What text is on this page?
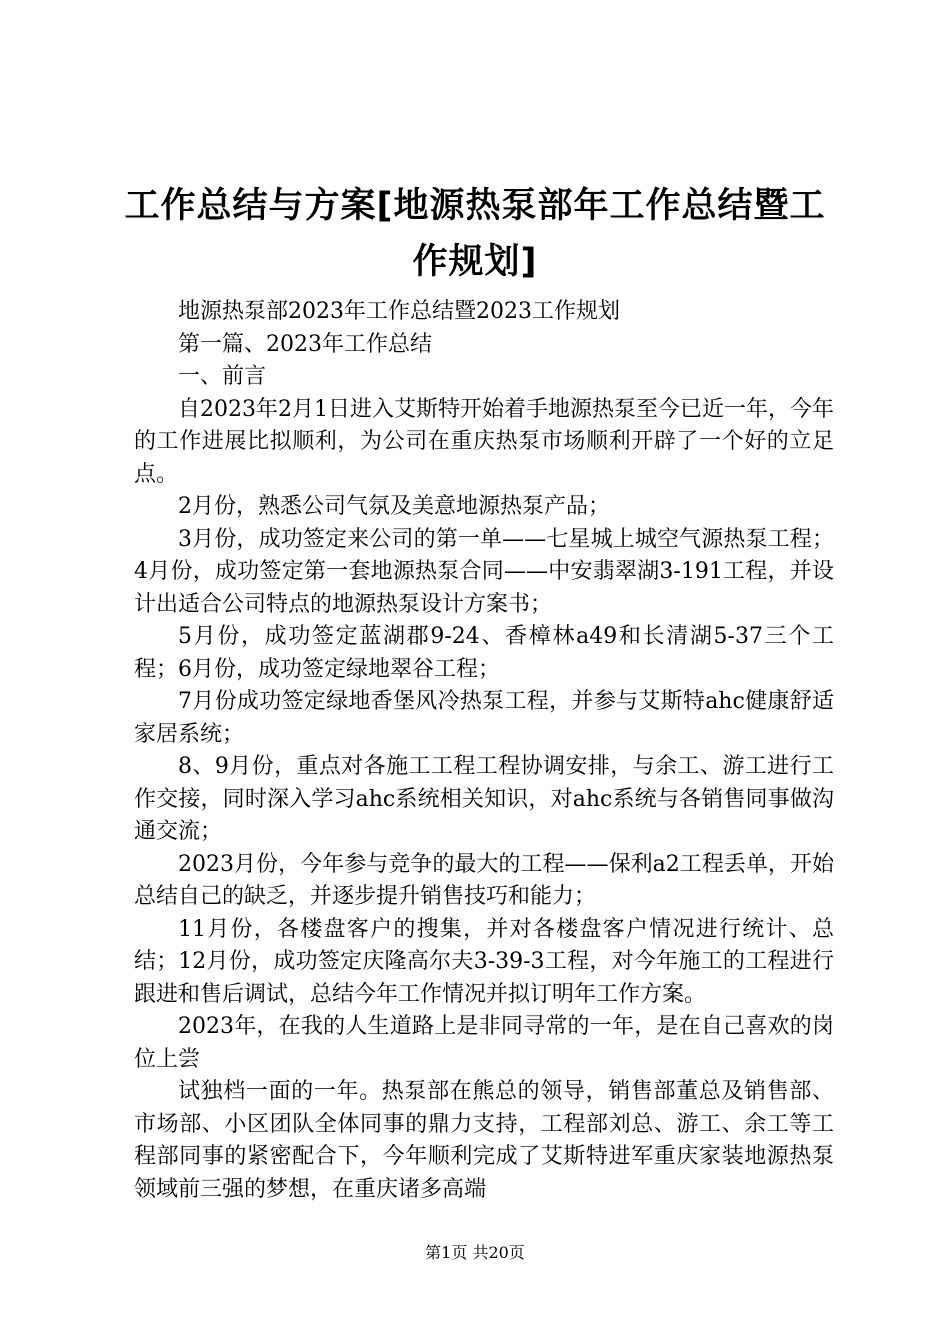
工作总结与方案[地源热泵部年工作总结暨工作规划]

地源热泵部2023年工作总结暨2023工作规划

第一篇、2023年工作总结

一、前言

自2023年2月1日进入艾斯特开始着手地源热泵至今已近一年，今年的工作进展比拟顺利，为公司在重庆热泵市场顺利开辟了一个好的立足点。

2月份，熟悉公司气氛及美意地源热泵产品；

3月份，成功签定来公司的第一单——七星城上城空气源热泵工程；4月份，成功签定第一套地源热泵合同——中安翡翠湖3-191工程，并设计出适合公司特点的地源热泵设计方案书；

5月份，成功签定蓝湖郡9-24、香樟林a49和长清湖5-37三个工程；6月份，成功签定绿地翠谷工程；

7月份成功签定绿地香堡风冷热泵工程，并参与艾斯特ahc健康舒适家居系统；

8、9月份，重点对各施工工程工程协调安排，与余工、游工进行工作交接，同时深入学习ahc系统相关知识，对ahc系统与各销售同事做沟通交流；

2023月份，今年参与竞争的最大的工程——保利a2工程丢单，开始总结自己的缺乏，并逐步提升销售技巧和能力；

11月份，各楼盘客户的搜集，并对各楼盘客户情况进行统计、总结；12月份，成功签定庆隆高尔夫3-39-3工程，对今年施工的工程进行跟进和售后调试，总结今年工作情况并拟订明年工作方案。

2023年，在我的人生道路上是非同寻常的一年，是在自己喜欢的岗位上尝

试独档一面的一年。热泵部在熊总的领导，销售部董总及销售部、市场部、小区团队全体同事的鼎力支持，工程部刘总、游工、余工等工程部同事的紧密配合下，今年顺利完成了艾斯特进军重庆家装地源热泵领域前三强的梦想，在重庆诸多高端

第1页 共20页
